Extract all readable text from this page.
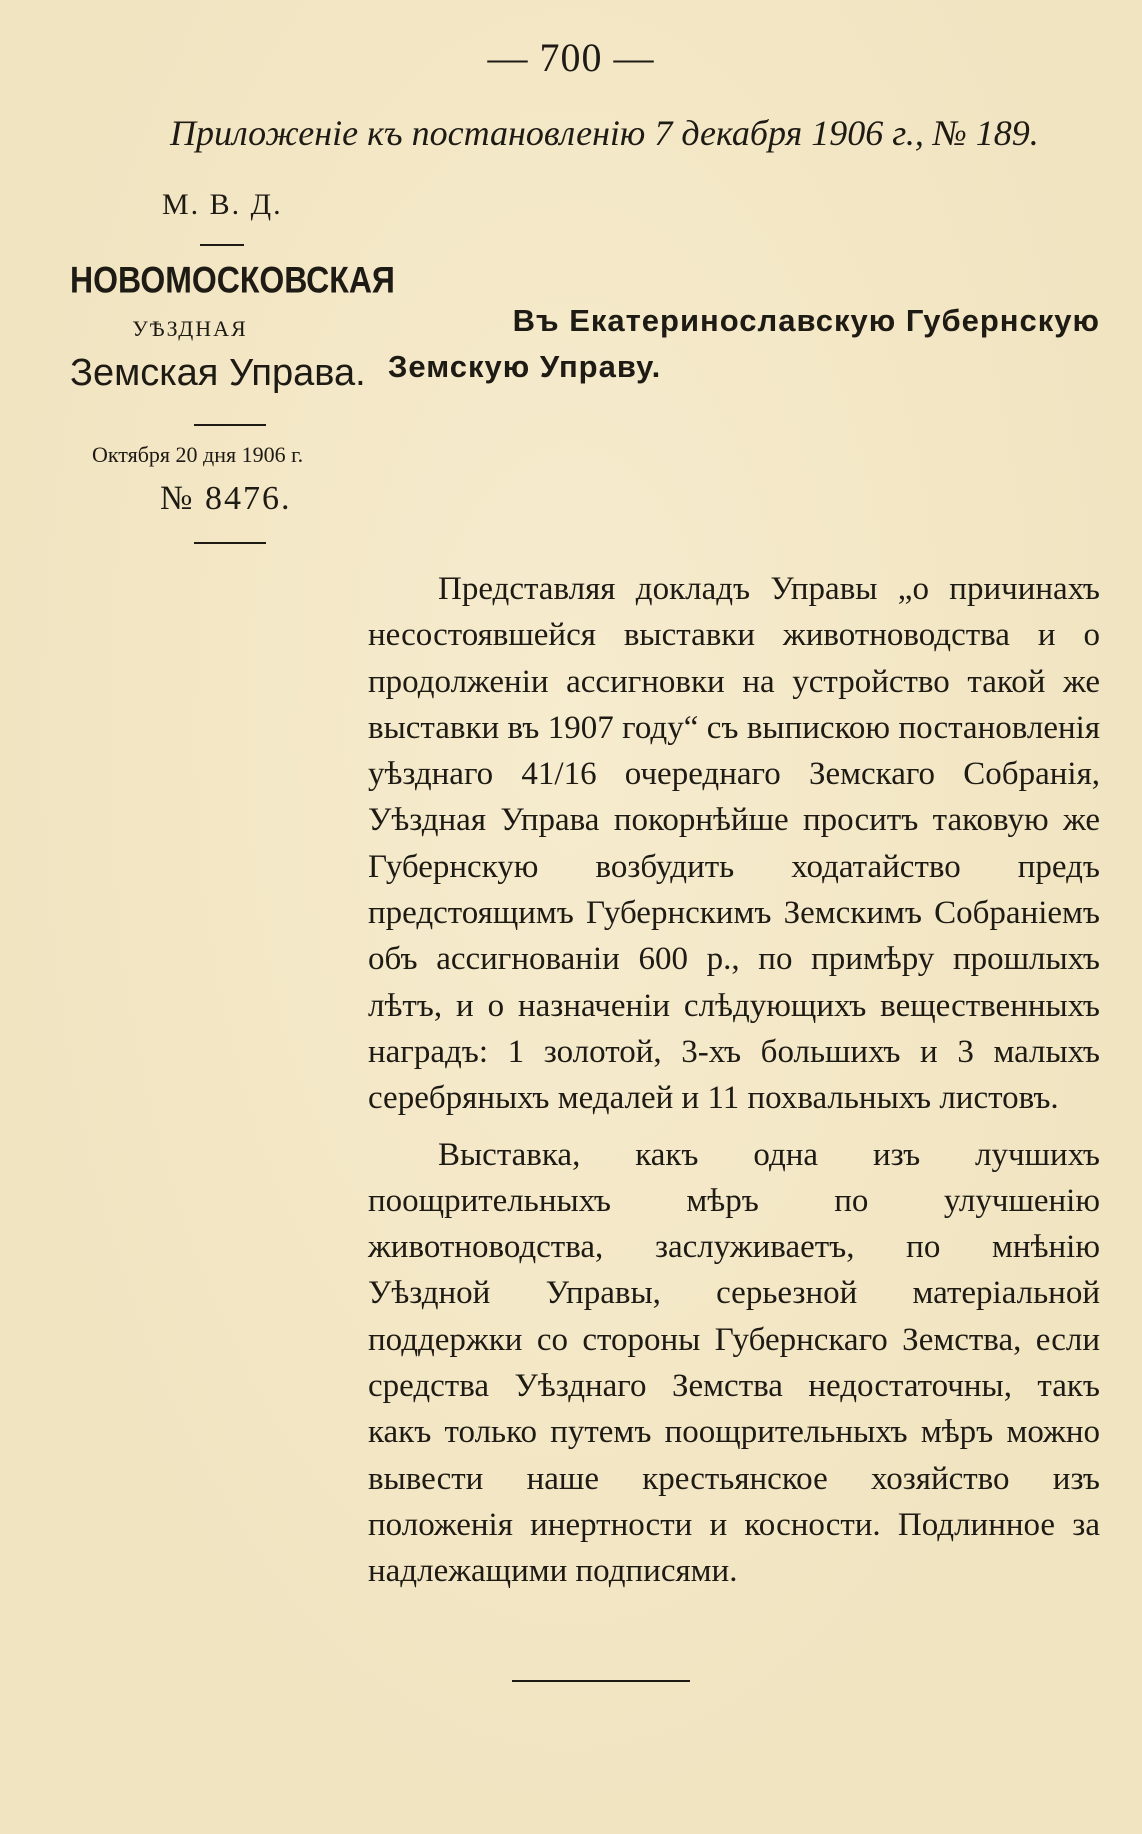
— 700 —
Приложеніе къ постановленію 7 декабря 1906 г., № 189.
М. В. Д.
НОВОМОСКОВСКАЯ
УѢЗДНАЯ
Земская Управа.
Октября 20 дня 1906 г.
№ 8476.
Въ Екатеринославскую Губернскую
Земскую Управу.

Представляя докладъ Управы „о причинахъ несостоявшейся выставки животноводства и о продолженіи ассигновки на устройство такой же выставки въ 1907 году“ съ выпискою постановленія уѣзднаго 41/16 очереднаго Земскаго Собранія, Уѣздная Управа покорнѣйше проситъ таковую же Губернскую возбудить ходатайство предъ предстоящимъ Губернскимъ Земскимъ Собраніемъ объ ассигнованіи 600 р., по примѣру прошлыхъ лѣтъ, и о назначеніи слѣдующихъ вещественныхъ наградъ: 1 золотой, 3-хъ большихъ и 3 малыхъ серебряныхъ медалей и 11 похвальныхъ листовъ.

Выставка, какъ одна изъ лучшихъ поощрительныхъ мѣръ по улучшенію животноводства, заслуживаетъ, по мнѣнію Уѣздной Управы, серьезной матеріальной поддержки со стороны Губернскаго Земства, если средства Уѣзднаго Земства недостаточны, такъ какъ только путемъ поощрительныхъ мѣръ можно вывести наше крестьянское хозяйство изъ положенія инертности и косности. Подлинное за надлежащими подписями.
